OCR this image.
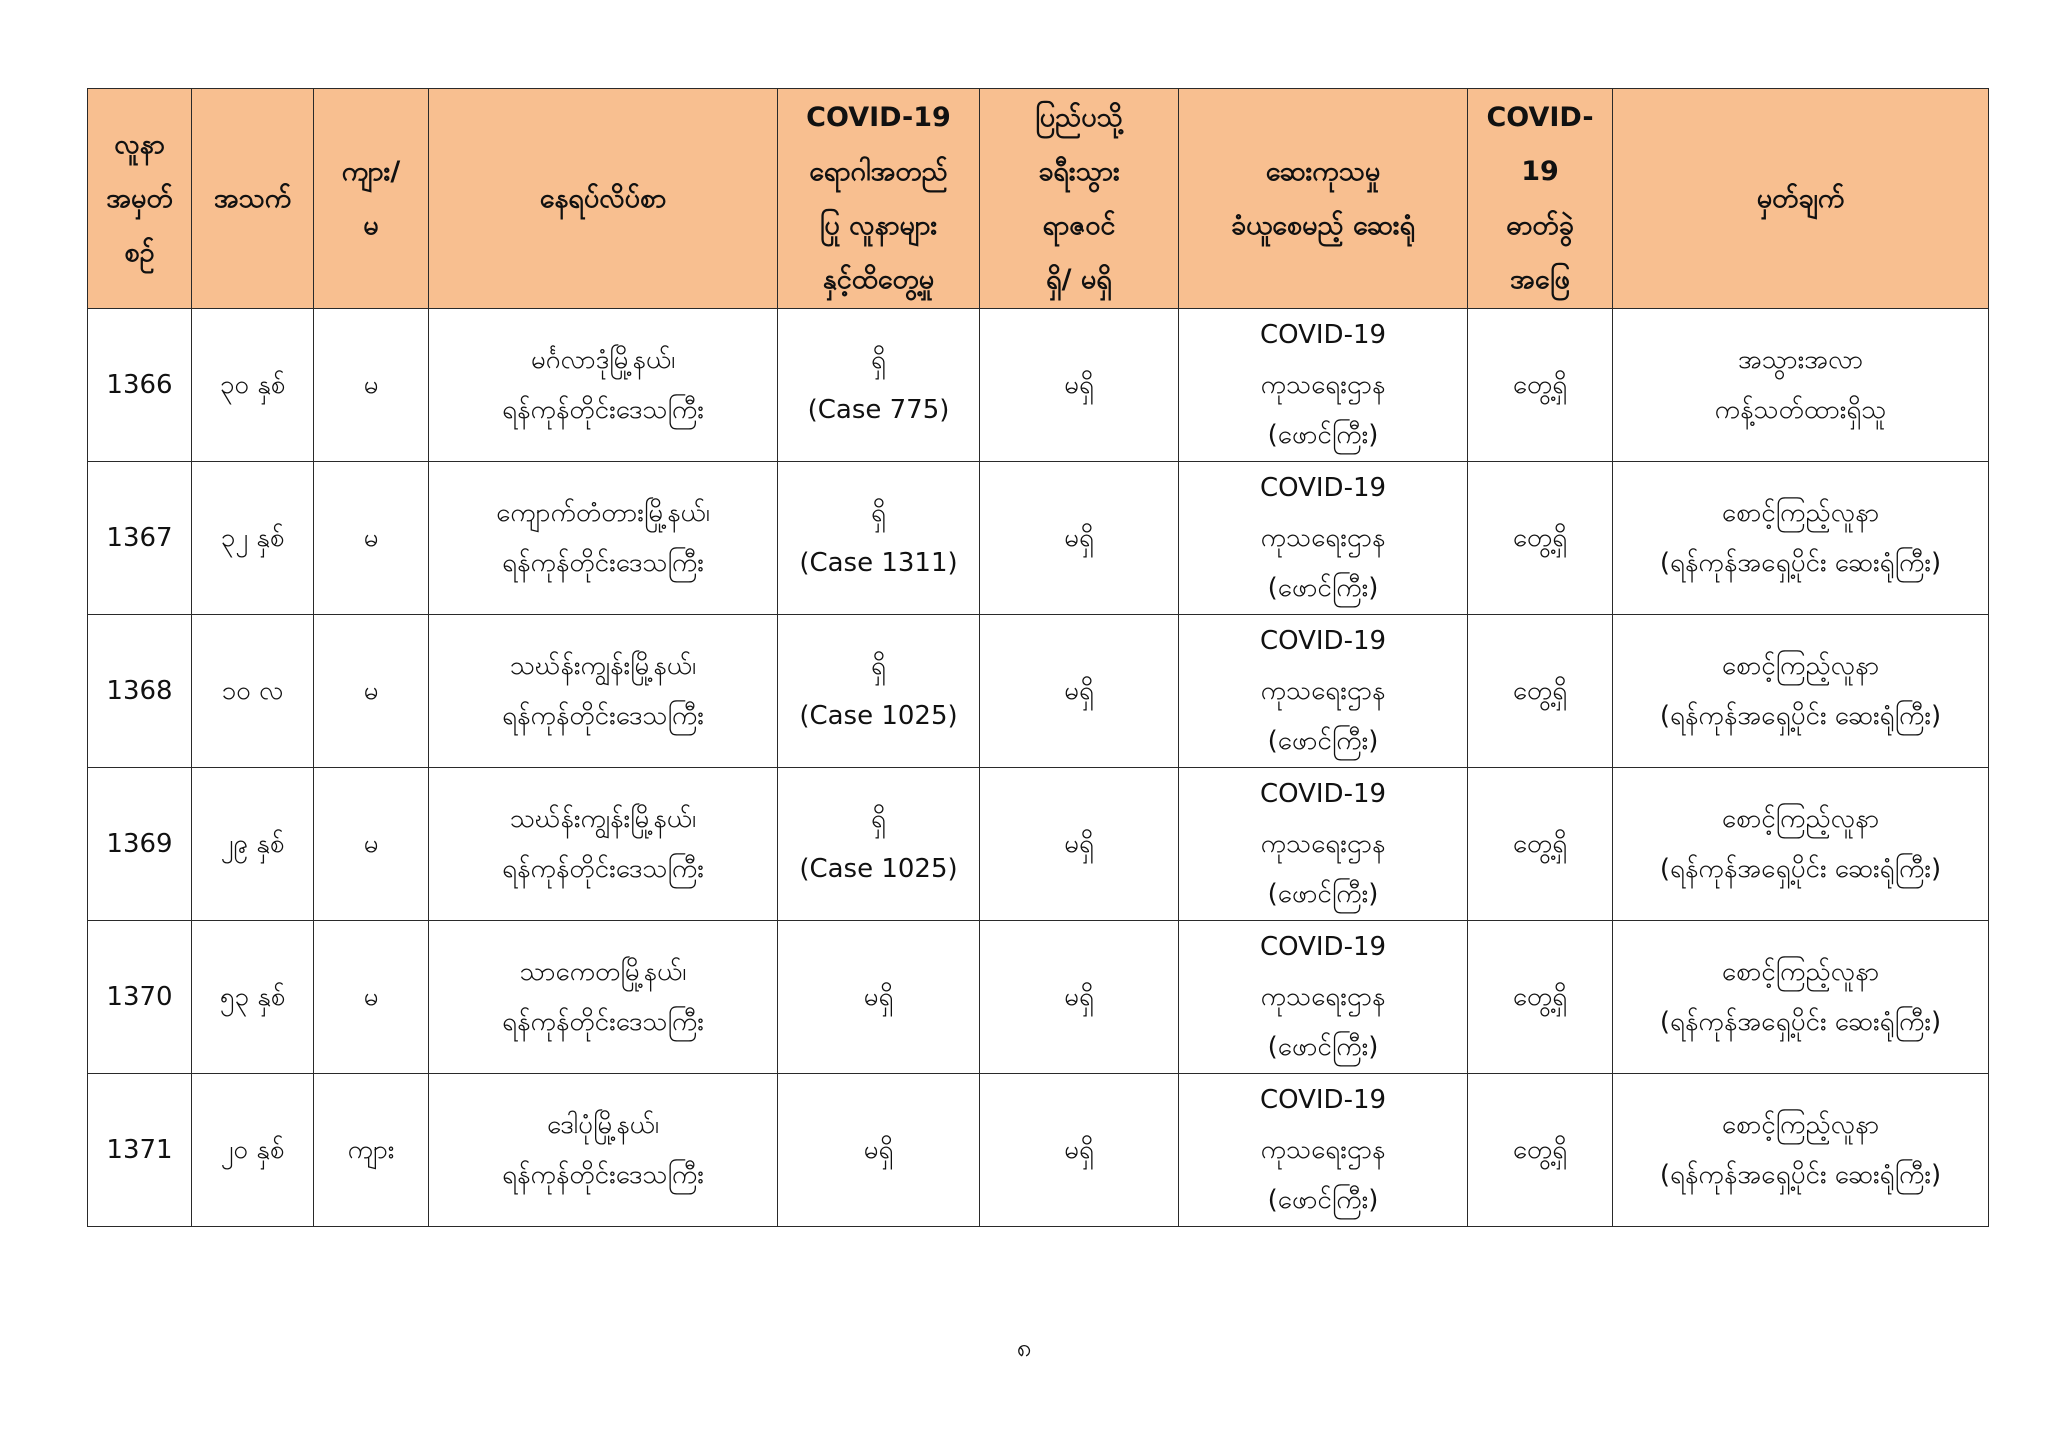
လူနာ
အမှတ်
စဉ်	အသက်	ကျား/
မ	နေရပ်လိပ်စာ	COVID-19
ရောဂါအတည်
ပြု လူနာများ
နှင့်ထိတွေ့မှု	ပြည်ပသို့
ခရီးသွား
ရာဇဝင်
ရှိ/ မရှိ	ဆေးကုသမှု
ခံယူစေမည့် ဆေးရုံ	COVID-
19
ဓာတ်ခွဲ
အဖြေ	မှတ်ချက်

1366	၃၀ နှစ်	မ	မင်္ဂလာဒုံမြို့နယ်၊
ရန်ကုန်တိုင်းဒေသကြီး	ရှိ
(Case 775)	မရှိ	COVID-19
ကုသရေးဌာန
(ဖောင်ကြီး)	တွေ့ရှိ	အသွားအလာ
ကန့်သတ်ထားရှိသူ

1367	၃၂ နှစ်	မ	ကျောက်တံတားမြို့နယ်၊
ရန်ကုန်တိုင်းဒေသကြီး	ရှိ
(Case 1311)	မရှိ	COVID-19
ကုသရေးဌာန
(ဖောင်ကြီး)	တွေ့ရှိ	စောင့်ကြည့်လူနာ
(ရန်ကုန်အရှေ့ပိုင်း ဆေးရုံကြီး)

1368	၁၀ လ	မ	သဃ်န်းကျွန်းမြို့နယ်၊
ရန်ကုန်တိုင်းဒေသကြီး	ရှိ
(Case 1025)	မရှိ	COVID-19
ကုသရေးဌာန
(ဖောင်ကြီး)	တွေ့ရှိ	စောင့်ကြည့်လူနာ
(ရန်ကုန်အရှေ့ပိုင်း ဆေးရုံကြီး)

1369	၂၉ နှစ်	မ	သဃ်န်းကျွန်းမြို့နယ်၊
ရန်ကုန်တိုင်းဒေသကြီး	ရှိ
(Case 1025)	မရှိ	COVID-19
ကုသရေးဌာန
(ဖောင်ကြီး)	တွေ့ရှိ	စောင့်ကြည့်လူနာ
(ရန်ကုန်အရှေ့ပိုင်း ဆေးရုံကြီး)

1370	၅၃ နှစ်	မ	သာကေတမြို့နယ်၊
ရန်ကုန်တိုင်းဒေသကြီး	မရှိ	မရှိ	COVID-19
ကုသရေးဌာန
(ဖောင်ကြီး)	တွေ့ရှိ	စောင့်ကြည့်လူနာ
(ရန်ကုန်အရှေ့ပိုင်း ဆေးရုံကြီး)

1371	၂၀ နှစ်	ကျား	ဒေါပုံမြို့နယ်၊
ရန်ကုန်တိုင်းဒေသကြီး	မရှိ	မရှိ	COVID-19
ကုသရေးဌာန
(ဖောင်ကြီး)	တွေ့ရှိ	စောင့်ကြည့်လူနာ
(ရန်ကုန်အရှေ့ပိုင်း ဆေးရုံကြီး)
၈
